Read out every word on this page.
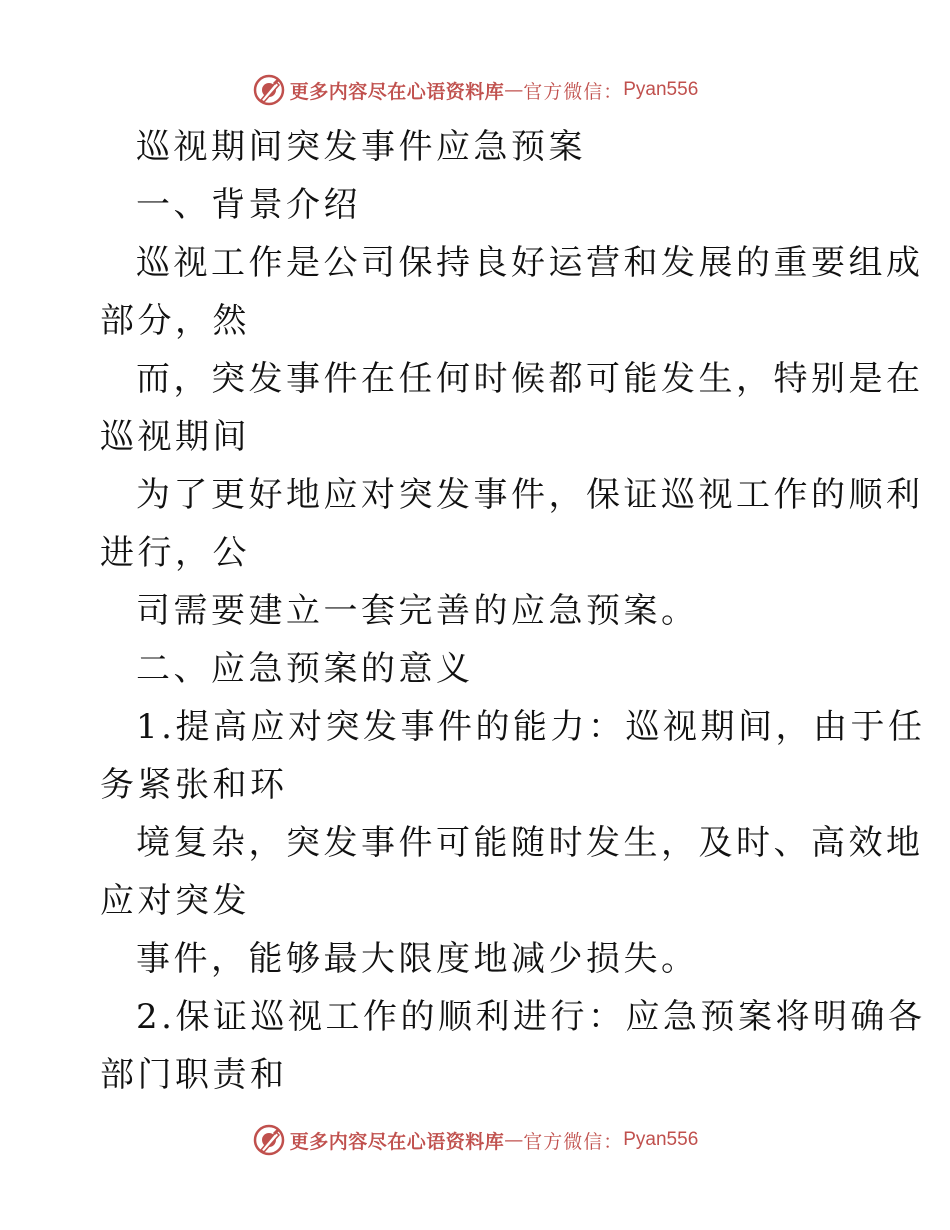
更多内容尽在心语资料库 — 官方微信： Pyan556
巡视期间突发事件应急预案
一、背景介绍
巡视工作是公司保持良好运营和发展的重要组成
部分，然
而，突发事件在任何时候都可能发生，特别是在
巡视期间
为了更好地应对突发事件，保证巡视工作的顺利
进行，公
司需要建立一套完善的应急预案。
二、应急预案的意义
1.提高应对突发事件的能力：巡视期间，由于任
务紧张和环
境复杂，突发事件可能随时发生，及时、高效地
应对突发
事件，能够最大限度地减少损失。
2.保证巡视工作的顺利进行：应急预案将明确各
部门职责和
更多内容尽在心语资料库 — 官方微信： Pyan556
